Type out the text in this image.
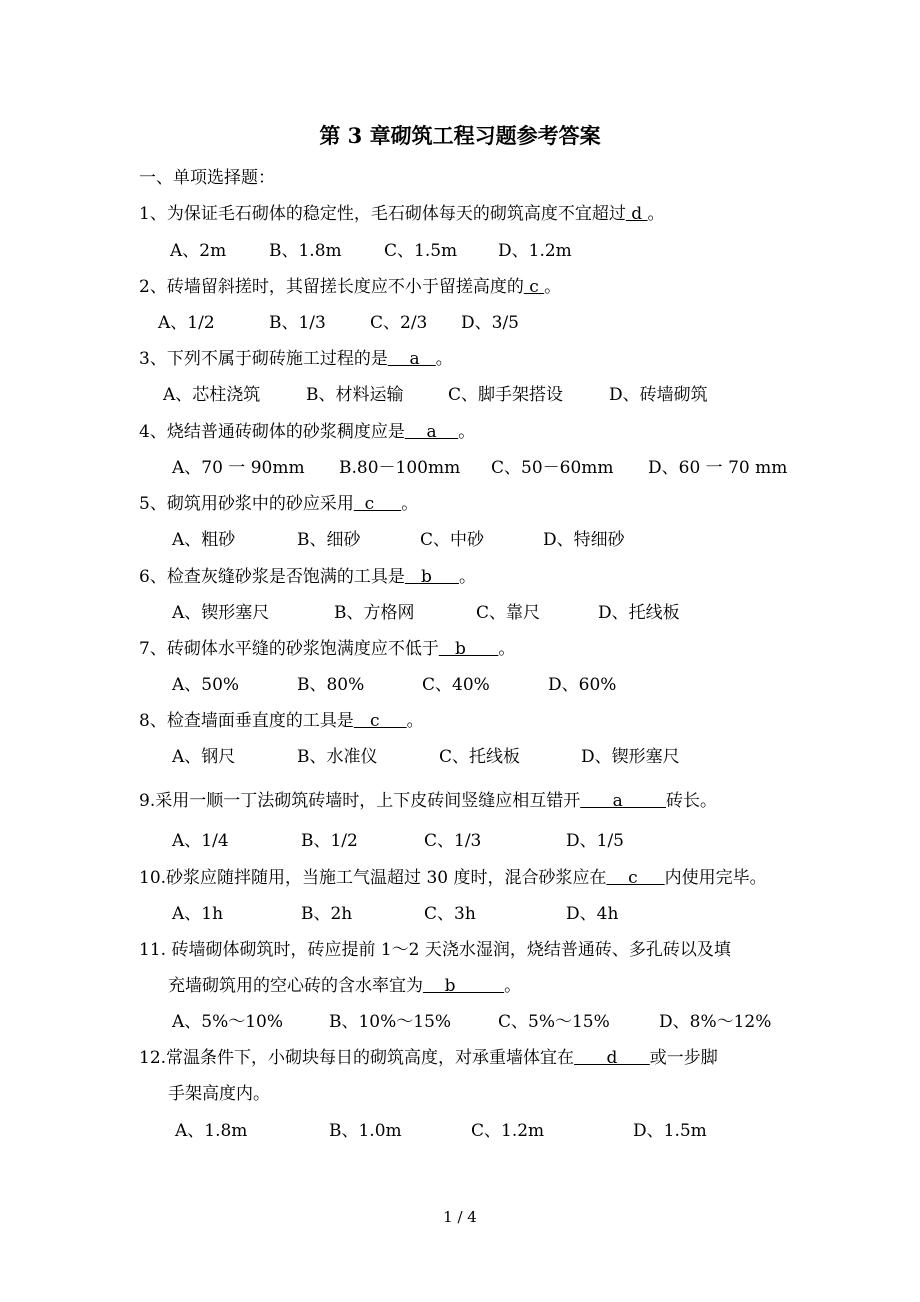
第 3 章砌筑工程习题参考答案
一、单项选择题：
1、为保证毛石砌体的稳定性，毛石砌体每天的砌筑高度不宜超过 d 。
A、2m	B、1.8m C、1.5m D、1.2m
2、砖墙留斜搓时，其留搓长度应不小于留搓高度的 c 。
A、1/2	B、1/3	C、2/3 D、3/5
3、下列不属于砌砖施工过程的是    a   。
A、芯柱浇筑	B、材料运输	C、脚手架搭设	D、砖墙砌筑
4、烧结普通砖砌体的砂浆稠度应是    a    。
A、70 一 90mm B.80－100mm C、50－60mm D、60 一 70 mm
5、砌筑用砂浆中的砂应采用  c     。
A、粗砂	B、细砂	C、中砂	D、特细砂
6、检查灰缝砂浆是否饱满的工具是   b     。
A、锲形塞尺	B、方格网	C、靠尺	D、托线板
7、砖砌体水平缝的砂浆饱满度应不低于   b      。
A、50%	B、80%	C、40%	D、60%
8、检查墙面垂直度的工具是   c     。
A、钢尺	B、水准仪	C、托线板	D、锲形塞尺
9.采用一顺一丁法砌筑砖墙时，上下皮砖间竖缝应相互错开      a        砖长。
A、1/4	B、1/2	C、1/3	D、1/5
10.砂浆应随拌随用，当施工气温超过 30 度时，混合砂浆应在    c     内使用完毕。
A、1h	B、2h	C、3h	D、4h
11. 砖墙砌体砌筑时，砖应提前 1～2 天浇水湿润，烧结普通砖、多孔砖以及填
充墙砌筑用的空心砖的含水率宜为    b         。
A、5%～10%	B、10%～15%	C、5%～15%	D、8%～12%
12.常温条件下，小砌块每日的砌筑高度，对承重墙体宜在      d      或一步脚
手架高度内。
A、1.8m	B、1.0m	C、1.2m	D、1.5m
1 / 4
